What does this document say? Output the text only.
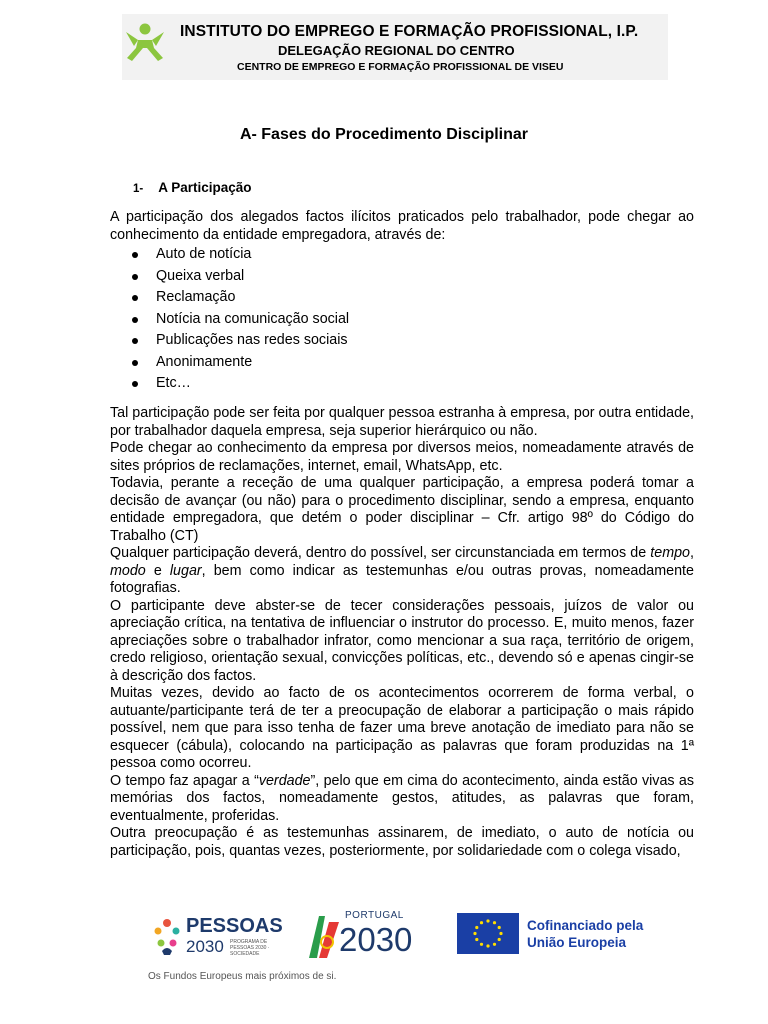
INSTITUTO DO EMPREGO E FORMAÇÃO PROFISSIONAL, I.P.
DELEGAÇÃO REGIONAL DO CENTRO
CENTRO DE EMPREGO E FORMAÇÃO PROFISSIONAL DE VISEU
A- Fases do Procedimento Disciplinar
1- A Participação
A participação dos alegados factos ilícitos praticados pelo trabalhador, pode chegar ao conhecimento da entidade empregadora, através de:
Auto de notícia
Queixa verbal
Reclamação
Notícia na comunicação social
Publicações nas redes sociais
Anonimamente
Etc…

Tal participação pode ser feita por qualquer pessoa estranha à empresa, por outra entidade, por trabalhador daquela empresa, seja superior hierárquico ou não.

Pode chegar ao conhecimento da empresa por diversos meios, nomeadamente através de sites próprios de reclamações, internet, email, WhatsApp, etc.

Todavia, perante a receção de uma qualquer participação, a empresa poderá tomar a decisão de avançar (ou não) para o procedimento disciplinar, sendo a empresa, enquanto entidade empregadora, que detém o poder disciplinar – Cfr. artigo 98º do Código do Trabalho (CT)

Qualquer participação deverá, dentro do possível, ser circunstanciada em termos de tempo, modo e lugar, bem como indicar as testemunhas e/ou outras provas, nomeadamente fotografias.

O participante deve abster-se de tecer considerações pessoais, juízos de valor ou apreciação crítica, na tentativa de influenciar o instrutor do processo. E, muito menos, fazer apreciações sobre o trabalhador infrator, como mencionar a sua raça, território de origem, credo religioso, orientação sexual, convicções políticas, etc., devendo só e apenas cingir-se à descrição dos factos.

Muitas vezes, devido ao facto de os acontecimentos ocorrerem de forma verbal, o autuante/participante terá de ter a preocupação de elaborar a participação o mais rápido possível, nem que para isso tenha de fazer uma breve anotação de imediato para não se esquecer (cábula), colocando na participação as palavras que foram produzidas na 1ª pessoa como ocorreu.

O tempo faz apagar a “verdade”, pelo que em cima do acontecimento, ainda estão vivas as memórias dos factos, nomeadamente gestos, atitudes, as palavras que foram, eventualmente, proferidas.

Outra preocupação é as testemunhas assinarem, de imediato, o auto de notícia ou participação, pois, quantas vezes, posteriormente, por solidariedade com o colega visado,

PESSOAS
2030 PROGRAMA DE PESSOAS 2030 · SOCIEDADE
PORTUGAL
2030	Cofinanciado pela
União Europeia
Os Fundos Europeus mais próximos de si.
